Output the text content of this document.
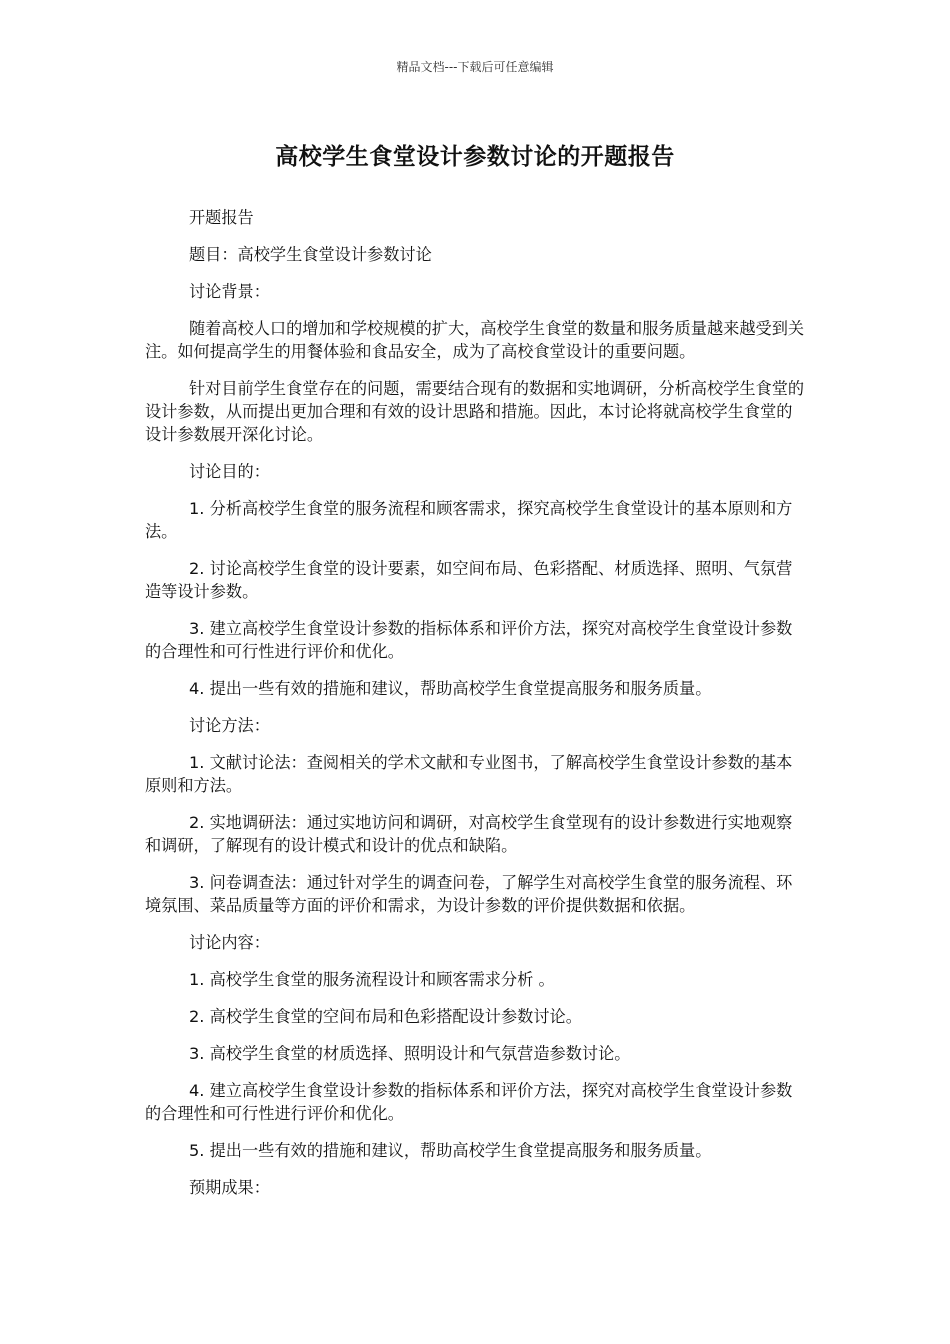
精品文档---下载后可任意编辑
高校学生食堂设计参数讨论的开题报告

开题报告

题目：高校学生食堂设计参数讨论

讨论背景：

随着高校人口的增加和学校规模的扩大，高校学生食堂的数量和服务质量越来越受到关注。如何提高学生的用餐体验和食品安全，成为了高校食堂设计的重要问题。

针对目前学生食堂存在的问题，需要结合现有的数据和实地调研，分析高校学生食堂的设计参数，从而提出更加合理和有效的设计思路和措施。因此，本讨论将就高校学生食堂的设计参数展开深化讨论。

讨论目的：

1. 分析高校学生食堂的服务流程和顾客需求，探究高校学生食堂设计的基本原则和方法。

2. 讨论高校学生食堂的设计要素，如空间布局、色彩搭配、材质选择、照明、气氛营造等设计参数。

3. 建立高校学生食堂设计参数的指标体系和评价方法，探究对高校学生食堂设计参数的合理性和可行性进行评价和优化。

4. 提出一些有效的措施和建议，帮助高校学生食堂提高服务和服务质量。

讨论方法：

1. 文献讨论法：查阅相关的学术文献和专业图书，了解高校学生食堂设计参数的基本原则和方法。

2. 实地调研法：通过实地访问和调研，对高校学生食堂现有的设计参数进行实地观察和调研，了解现有的设计模式和设计的优点和缺陷。

3. 问卷调查法：通过针对学生的调查问卷，了解学生对高校学生食堂的服务流程、环境氛围、菜品质量等方面的评价和需求，为设计参数的评价提供数据和依据。

讨论内容：

1. 高校学生食堂的服务流程设计和顾客需求分析 。

2. 高校学生食堂的空间布局和色彩搭配设计参数讨论。

3. 高校学生食堂的材质选择、照明设计和气氛营造参数讨论。

4. 建立高校学生食堂设计参数的指标体系和评价方法，探究对高校学生食堂设计参数的合理性和可行性进行评价和优化。

5. 提出一些有效的措施和建议，帮助高校学生食堂提高服务和服务质量。

预期成果：
